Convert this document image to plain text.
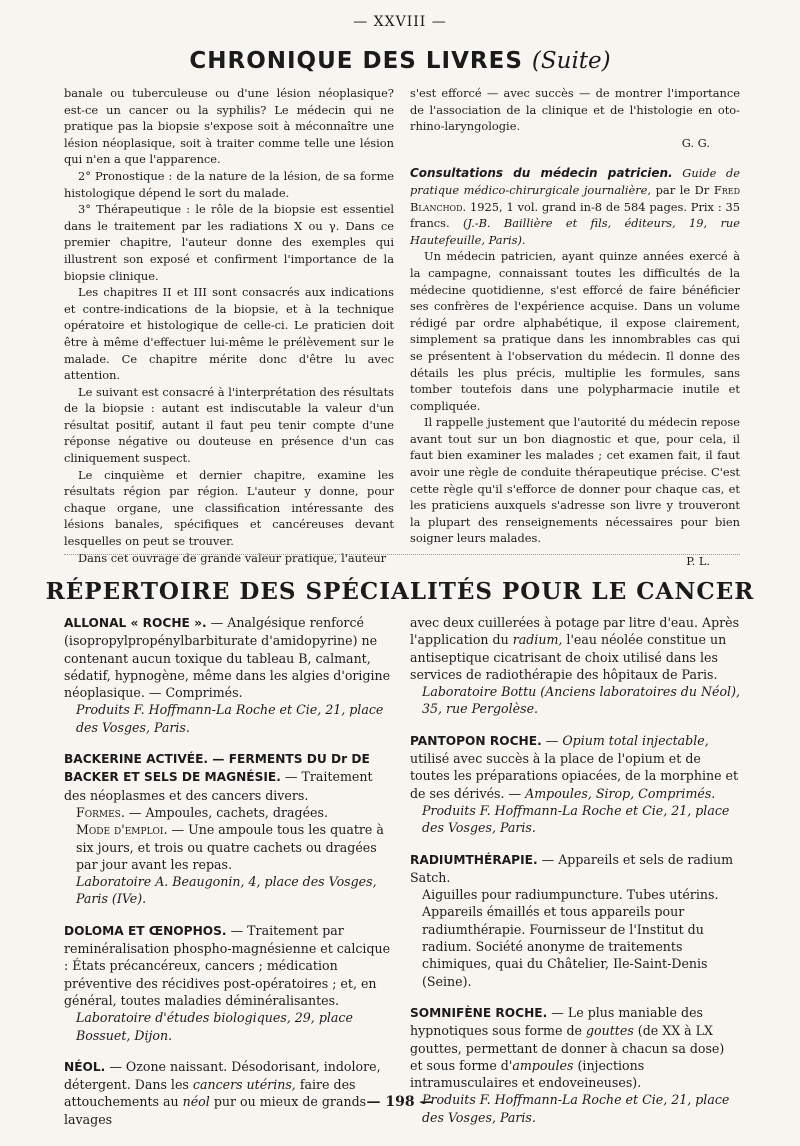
— XXVIII —
CHRONIQUE DES LIVRES (Suite)

banale ou tuberculeuse ou d'une lésion néoplasique? est-ce un cancer ou la syphilis? Le médecin qui ne pratique pas la biopsie s'expose soit à méconnaître une lésion néoplasique, soit à traiter comme telle une lésion qui n'en a que l'apparence.

2° Pronostique : de la nature de la lésion, de sa forme histologique dépend le sort du malade.

3° Thérapeutique : le rôle de la biopsie est essentiel dans le traitement par les radiations X ou γ. Dans ce premier chapitre, l'auteur donne des exemples qui illustrent son exposé et confirment l'importance de la biopsie clinique.

Les chapitres II et III sont consacrés aux indications et contre-indications de la biopsie, et à la technique opératoire et histologique de celle-ci. Le praticien doit être à même d'effectuer lui-même le prélèvement sur le malade. Ce chapitre mérite donc d'être lu avec attention.

Le suivant est consacré à l'interprétation des résultats de la biopsie : autant est indiscutable la valeur d'un résultat positif, autant il faut peu tenir compte d'une réponse négative ou douteuse en présence d'un cas cliniquement suspect.

Le cinquième et dernier chapitre, examine les résultats région par région. L'auteur y donne, pour chaque organe, une classification intéressante des lésions banales, spécifiques et cancéreuses devant lesquelles on peut se trouver.

Dans cet ouvrage de grande valeur pratique, l'auteur

s'est efforcé — avec succès — de montrer l'importance de l'association de la clinique et de l'histologie en oto-rhino-laryngologie.

G. G.

Consultations du médecin patricien. Guide de pratique médico-chirurgicale journalière, par le Dr Fred Blanchod. 1925, 1 vol. grand in-8 de 584 pages. Prix : 35 francs. (J.-B. Baillière et fils, éditeurs, 19, rue Hautefeuille, Paris).

Un médecin patricien, ayant quinze années exercé à la campagne, connaissant toutes les difficultés de la médecine quotidienne, s'est efforcé de faire bénéficier ses confrères de l'expérience acquise. Dans un volume rédigé par ordre alphabétique, il expose clairement, simplement sa pratique dans les innombrables cas qui se présentent à l'observation du médecin. Il donne des détails les plus précis, multiplie les formules, sans tomber toutefois dans une polypharmacie inutile et compliquée.

Il rappelle justement que l'autorité du médecin repose avant tout sur un bon diagnostic et que, pour cela, il faut bien examiner les malades ; cet examen fait, il faut avoir une règle de conduite thérapeutique précise. C'est cette règle qu'il s'efforce de donner pour chaque cas, et les praticiens auxquels s'adresse son livre y trouveront la plupart des renseignements nécessaires pour bien soigner leurs malades.

P. L.

RÉPERTOIRE DES SPÉCIALITÉS POUR LE CANCER

ALLONAL « ROCHE ». — Analgésique renforcé (isopropylpropénylbarbiturate d'amidopyrine) ne contenant aucun toxique du tableau B, calmant, sédatif, hypnogène, même dans les algies d'origine néoplasique. — Comprimés.

Produits F. Hoffmann-La Roche et Cie, 21, place des Vosges, Paris.

BACKERINE ACTIVÉE. — FERMENTS DU Dr DE BACKER ET SELS DE MAGNÉSIE. — Traitement des néoplasmes et des cancers divers.

Formes. — Ampoules, cachets, dragées.

Mode d'emploi. — Une ampoule tous les quatre à six jours, et trois ou quatre cachets ou dragées par jour avant les repas.

Laboratoire A. Beaugonin, 4, place des Vosges, Paris (IVe).

DOLOMA ET ŒNOPHOS. — Traitement par reminéralisation phospho-magnésienne et calcique : États précancéreux, cancers ; médication préventive des récidives post-opératoires ; et, en général, toutes maladies déminéralisantes.

Laboratoire d'études biologiques, 29, place Bossuet, Dijon.

NÉOL. — Ozone naissant. Désodorisant, indolore, détergent. Dans les cancers utérins, faire des attouchements au néol pur ou mieux de grands lavages

avec deux cuillerées à potage par litre d'eau. Après l'application du radium, l'eau néolée constitue un antiseptique cicatrisant de choix utilisé dans les services de radiothérapie des hôpitaux de Paris.

Laboratoire Bottu (Anciens laboratoires du Néol), 35, rue Pergolèse.

PANTOPON ROCHE. — Opium total injectable, utilisé avec succès à la place de l'opium et de toutes les préparations opiacées, de la morphine et de ses dérivés. — Ampoules, Sirop, Comprimés.

Produits F. Hoffmann-La Roche et Cie, 21, place des Vosges, Paris.

RADIUMTHÉRAPIE. — Appareils et sels de radium Satch.

Aiguilles pour radiumpuncture. Tubes utérins. Appareils émaillés et tous appareils pour radiumthérapie. Fournisseur de l'Institut du radium. Société anonyme de traitements chimiques, quai du Châtelier, Ile-Saint-Denis (Seine).

SOMNIFÈNE ROCHE. — Le plus maniable des hypnotiques sous forme de gouttes (de XX à LX gouttes, permettant de donner à chacun sa dose) et sous forme d'ampoules (injections intramusculaires et endoveineuses).

Produits F. Hoffmann-La Roche et Cie, 21, place des Vosges, Paris.

— 198 —
